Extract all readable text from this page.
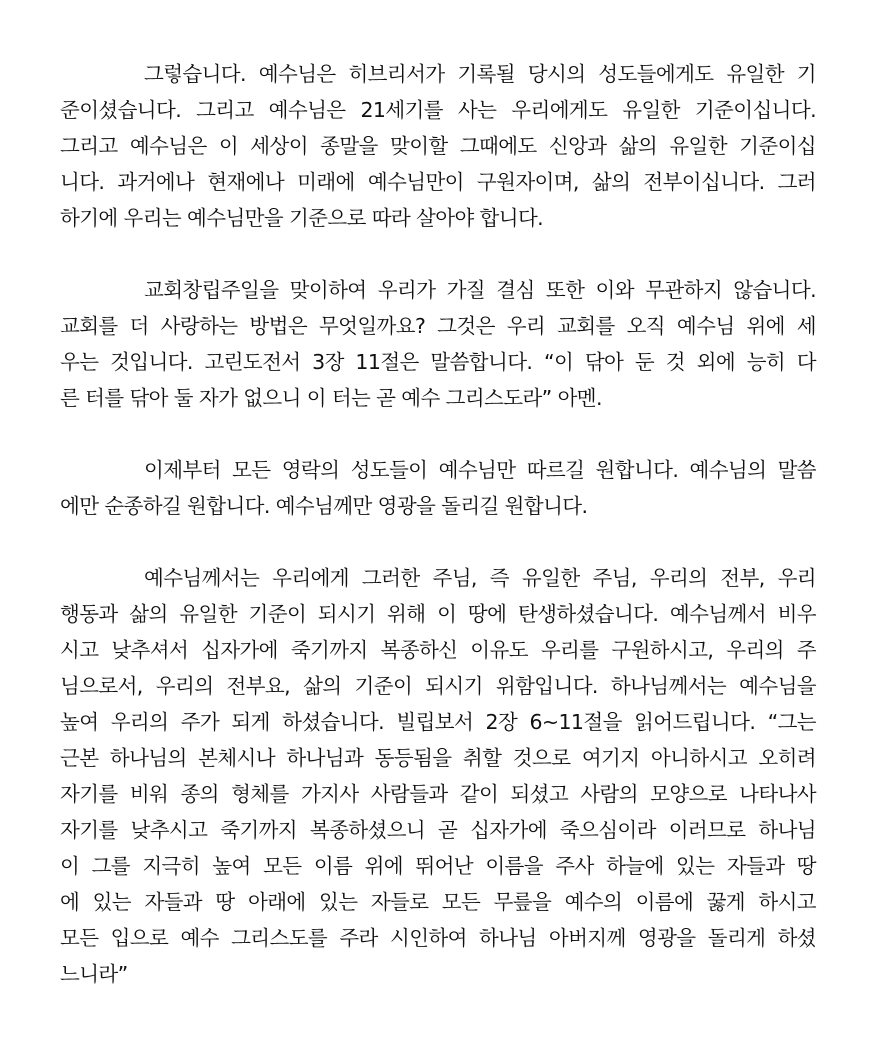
그렇습니다. 예수님은 히브리서가 기록될 당시의 성도들에게도 유일한 기
준이셨습니다. 그리고 예수님은 21세기를 사는 우리에게도 유일한 기준이십니다.
그리고 예수님은 이 세상이 종말을 맞이할 그때에도 신앙과 삶의 유일한 기준이십
니다. 과거에나 현재에나 미래에 예수님만이 구원자이며, 삶의 전부이십니다. 그러
하기에 우리는 예수님만을 기준으로 따라 살아야 합니다.
교회창립주일을 맞이하여 우리가 가질 결심 또한 이와 무관하지 않습니다.
교회를 더 사랑하는 방법은 무엇일까요? 그것은 우리 교회를 오직 예수님 위에 세
우는 것입니다. 고린도전서 3장 11절은 말씀합니다. “이 닦아 둔 것 외에 능히 다
른 터를 닦아 둘 자가 없으니 이 터는 곧 예수 그리스도라” 아멘.
이제부터 모든 영락의 성도들이 예수님만 따르길 원합니다. 예수님의 말씀
에만 순종하길 원합니다. 예수님께만 영광을 돌리길 원합니다.
예수님께서는 우리에게 그러한 주님, 즉 유일한 주님, 우리의 전부, 우리
행동과 삶의 유일한 기준이 되시기 위해 이 땅에 탄생하셨습니다. 예수님께서 비우
시고 낮추셔서 십자가에 죽기까지 복종하신 이유도 우리를 구원하시고, 우리의 주
님으로서, 우리의 전부요, 삶의 기준이 되시기 위함입니다. 하나님께서는 예수님을
높여 우리의 주가 되게 하셨습니다. 빌립보서 2장 6~11절을 읽어드립니다. “그는
근본 하나님의 본체시나 하나님과 동등됨을 취할 것으로 여기지 아니하시고 오히려
자기를 비워 종의 형체를 가지사 사람들과 같이 되셨고 사람의 모양으로 나타나사
자기를 낮추시고 죽기까지 복종하셨으니 곧 십자가에 죽으심이라 이러므로 하나님
이 그를 지극히 높여 모든 이름 위에 뛰어난 이름을 주사 하늘에 있는 자들과 땅
에 있는 자들과 땅 아래에 있는 자들로 모든 무릎을 예수의 이름에 꿇게 하시고
모든 입으로 예수 그리스도를 주라 시인하여 하나님 아버지께 영광을 돌리게 하셨
느니라”
